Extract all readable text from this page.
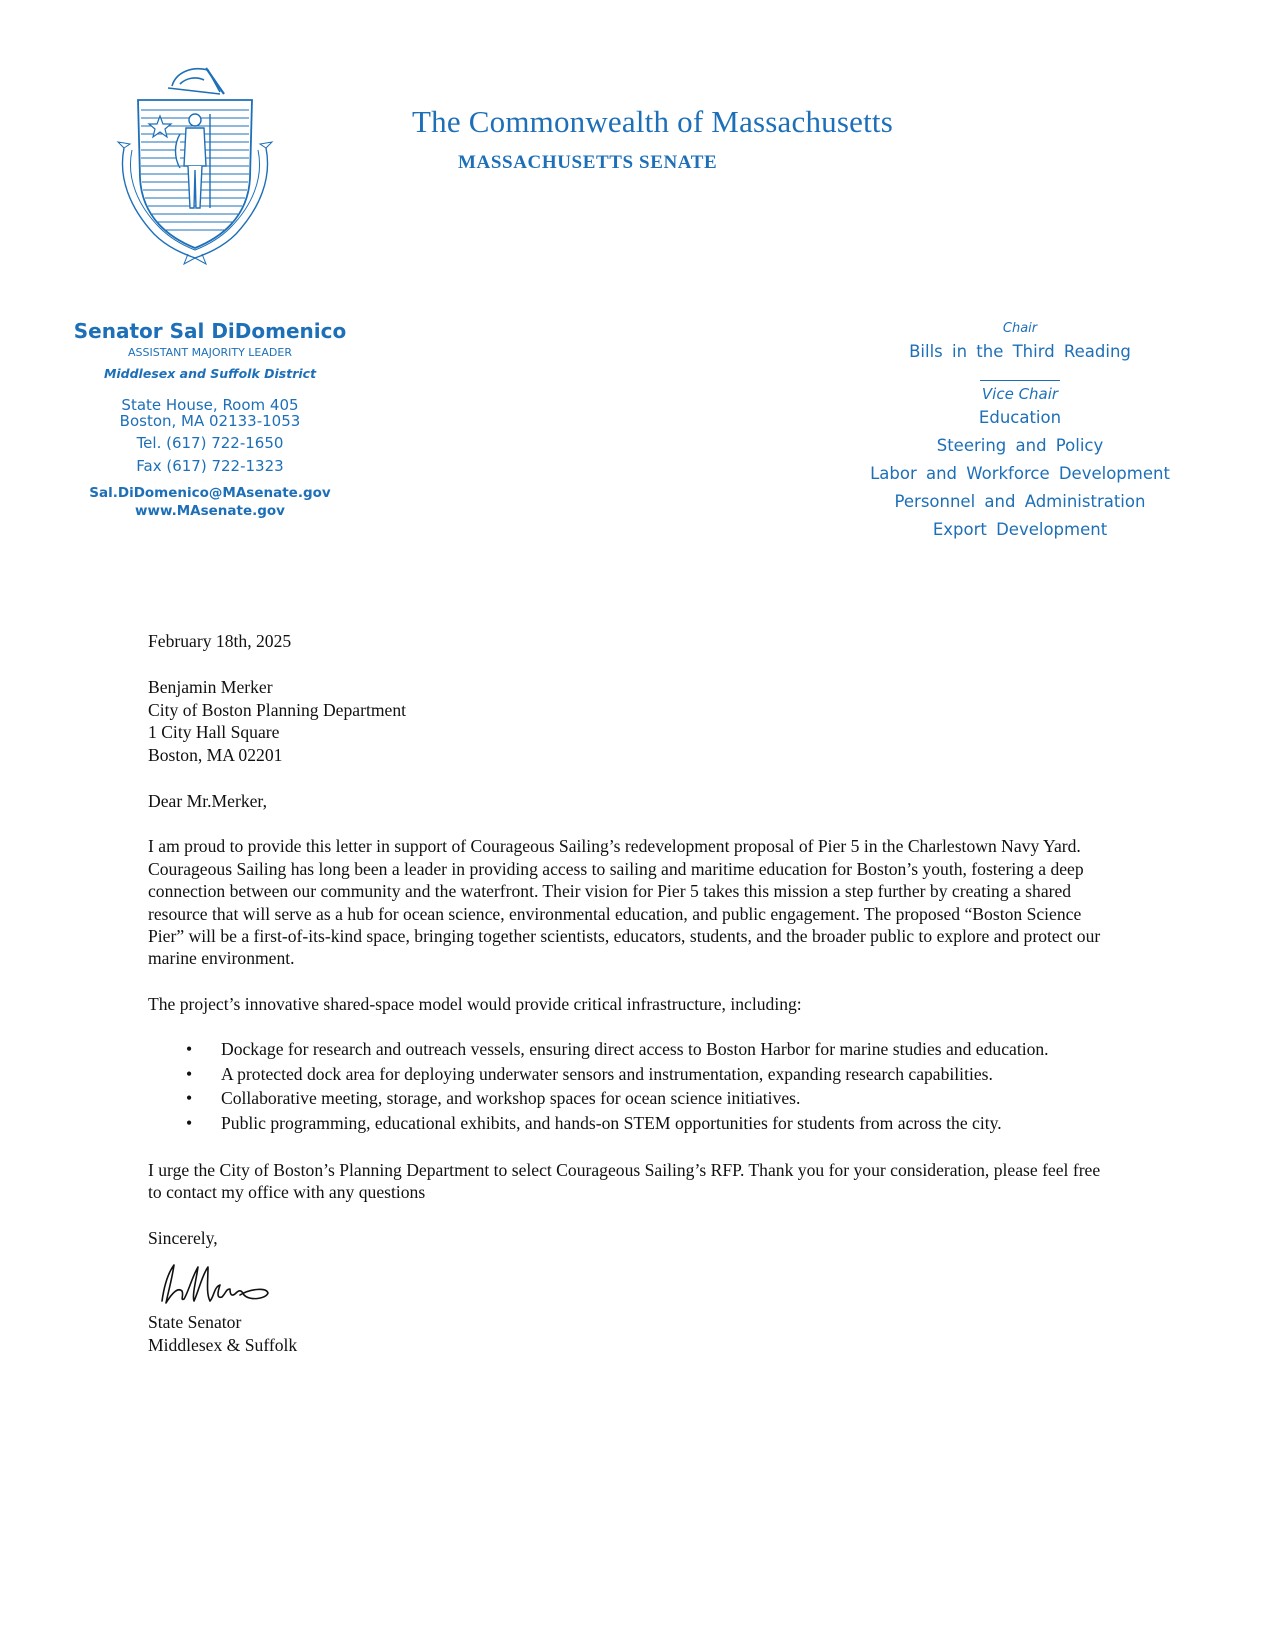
The Commonwealth of Massachusetts
MASSACHUSETTS SENATE
Senator Sal DiDomenico
ASSISTANT MAJORITY LEADER
Middlesex and Suffolk District
State House, Room 405
Boston, MA 02133-1053
Tel. (617) 722-1650
Fax (617) 722-1323
Sal.DiDomenico@MAsenate.gov
www.MAsenate.gov
Chair
Bills in the Third Reading
Vice Chair
Education
Steering and Policy
Labor and Workforce Development
Personnel and Administration
Export Development

February 18th, 2025

Benjamin Merker

City of Boston Planning Department

1 City Hall Square

Boston, MA 02201

Dear Mr.Merker,

I am proud to provide this letter in support of Courageous Sailing’s redevelopment proposal of Pier 5 in the Charlestown Navy Yard. Courageous Sailing has long been a leader in providing access to sailing and maritime education for Boston’s youth, fostering a deep connection between our community and the waterfront. Their vision for Pier 5 takes this mission a step further by creating a shared resource that will serve as a hub for ocean science, environmental education, and public engagement. The proposed “Boston Science Pier” will be a first-of-its-kind space, bringing together scientists, educators, students, and the broader public to explore and protect our marine environment.

The project’s innovative shared-space model would provide critical infrastructure, including:

• Dockage for research and outreach vessels, ensuring direct access to Boston Harbor for marine studies and education.
• A protected dock area for deploying underwater sensors and instrumentation, expanding research capabilities.
• Collaborative meeting, storage, and workshop spaces for ocean science initiatives.
• Public programming, educational exhibits, and hands-on STEM opportunities for students from across the city.

I urge the City of Boston’s Planning Department to select Courageous Sailing’s RFP. Thank you for your consideration, please feel free to contact my office with any questions

Sincerely,

State Senator

Middlesex & Suffolk
